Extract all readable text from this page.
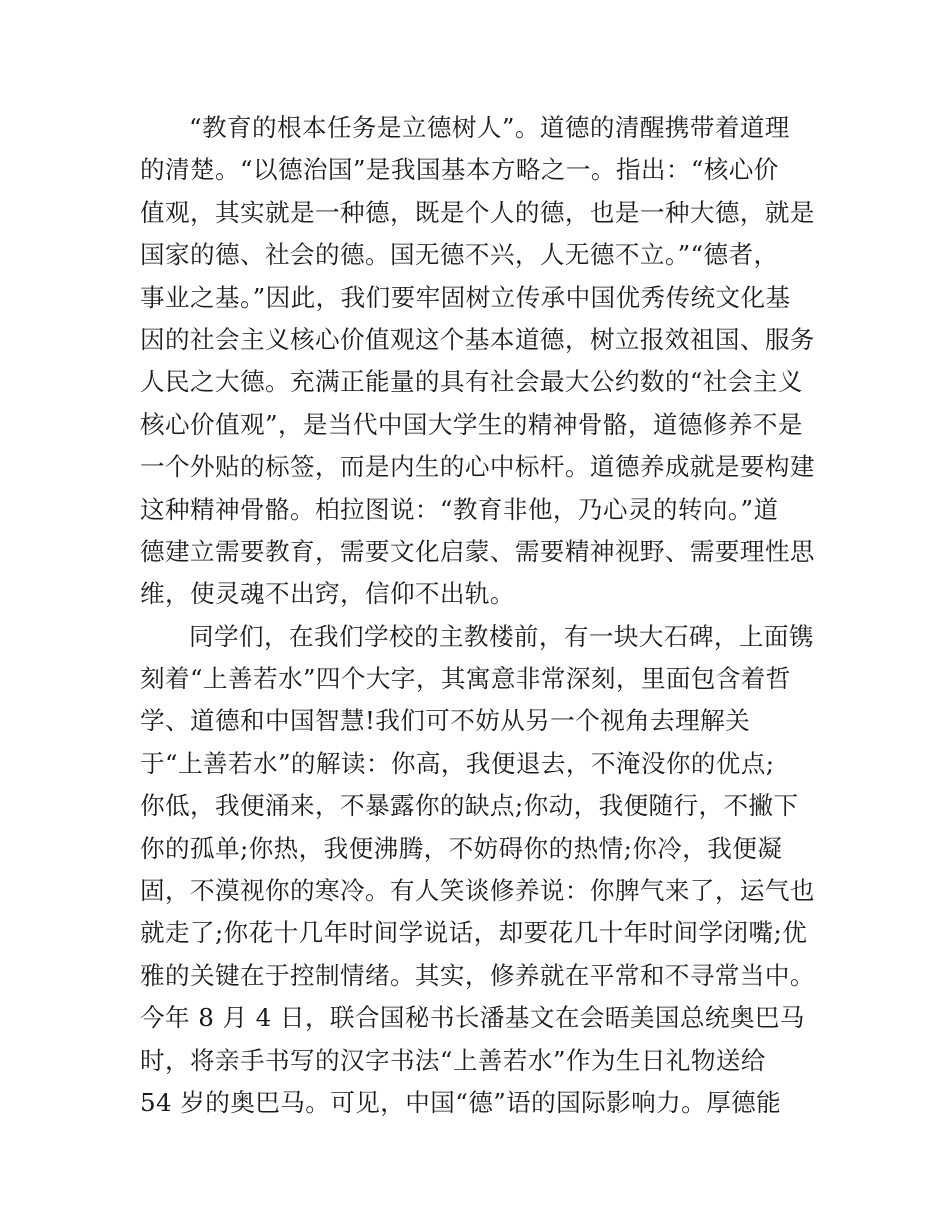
“教育的根本任务是立德树人”。道德的清醒携带着道理
的清楚。“以德治国”是我国基本方略之一。指出：“核心价
值观，其实就是一种德，既是个人的德，也是一种大德，就是
国家的德、社会的德。国无德不兴，人无德不立。”“德者，
事业之基。”因此，我们要牢固树立传承中国优秀传统文化基
因的社会主义核心价值观这个基本道德，树立报效祖国、服务
人民之大德。充满正能量的具有社会最大公约数的“社会主义
核心价值观”，是当代中国大学生的精神骨骼，道德修养不是
一个外贴的标签，而是内生的心中标杆。道德养成就是要构建
这种精神骨骼。柏拉图说：“教育非他，乃心灵的转向。”道
德建立需要教育，需要文化启蒙、需要精神视野、需要理性思
维，使灵魂不出窍，信仰不出轨。

同学们，在我们学校的主教楼前，有一块大石碑，上面镌
刻着“上善若水”四个大字，其寓意非常深刻，里面包含着哲
学、道德和中国智慧!我们可不妨从另一个视角去理解关
于“上善若水”的解读：你高，我便退去，不淹没你的优点;
你低，我便涌来，不暴露你的缺点;你动，我便随行，不撇下
你的孤单;你热，我便沸腾，不妨碍你的热情;你冷，我便凝
固，不漠视你的寒冷。有人笑谈修养说：你脾气来了，运气也
就走了;你花十几年时间学说话，却要花几十年时间学闭嘴;优
雅的关键在于控制情绪。其实，修养就在平常和不寻常当中。
今年 8 月 4 日，联合国秘书长潘基文在会晤美国总统奥巴马
时，将亲手书写的汉字书法“上善若水”作为生日礼物送给
54 岁的奥巴马。可见，中国“德”语的国际影响力。厚德能
